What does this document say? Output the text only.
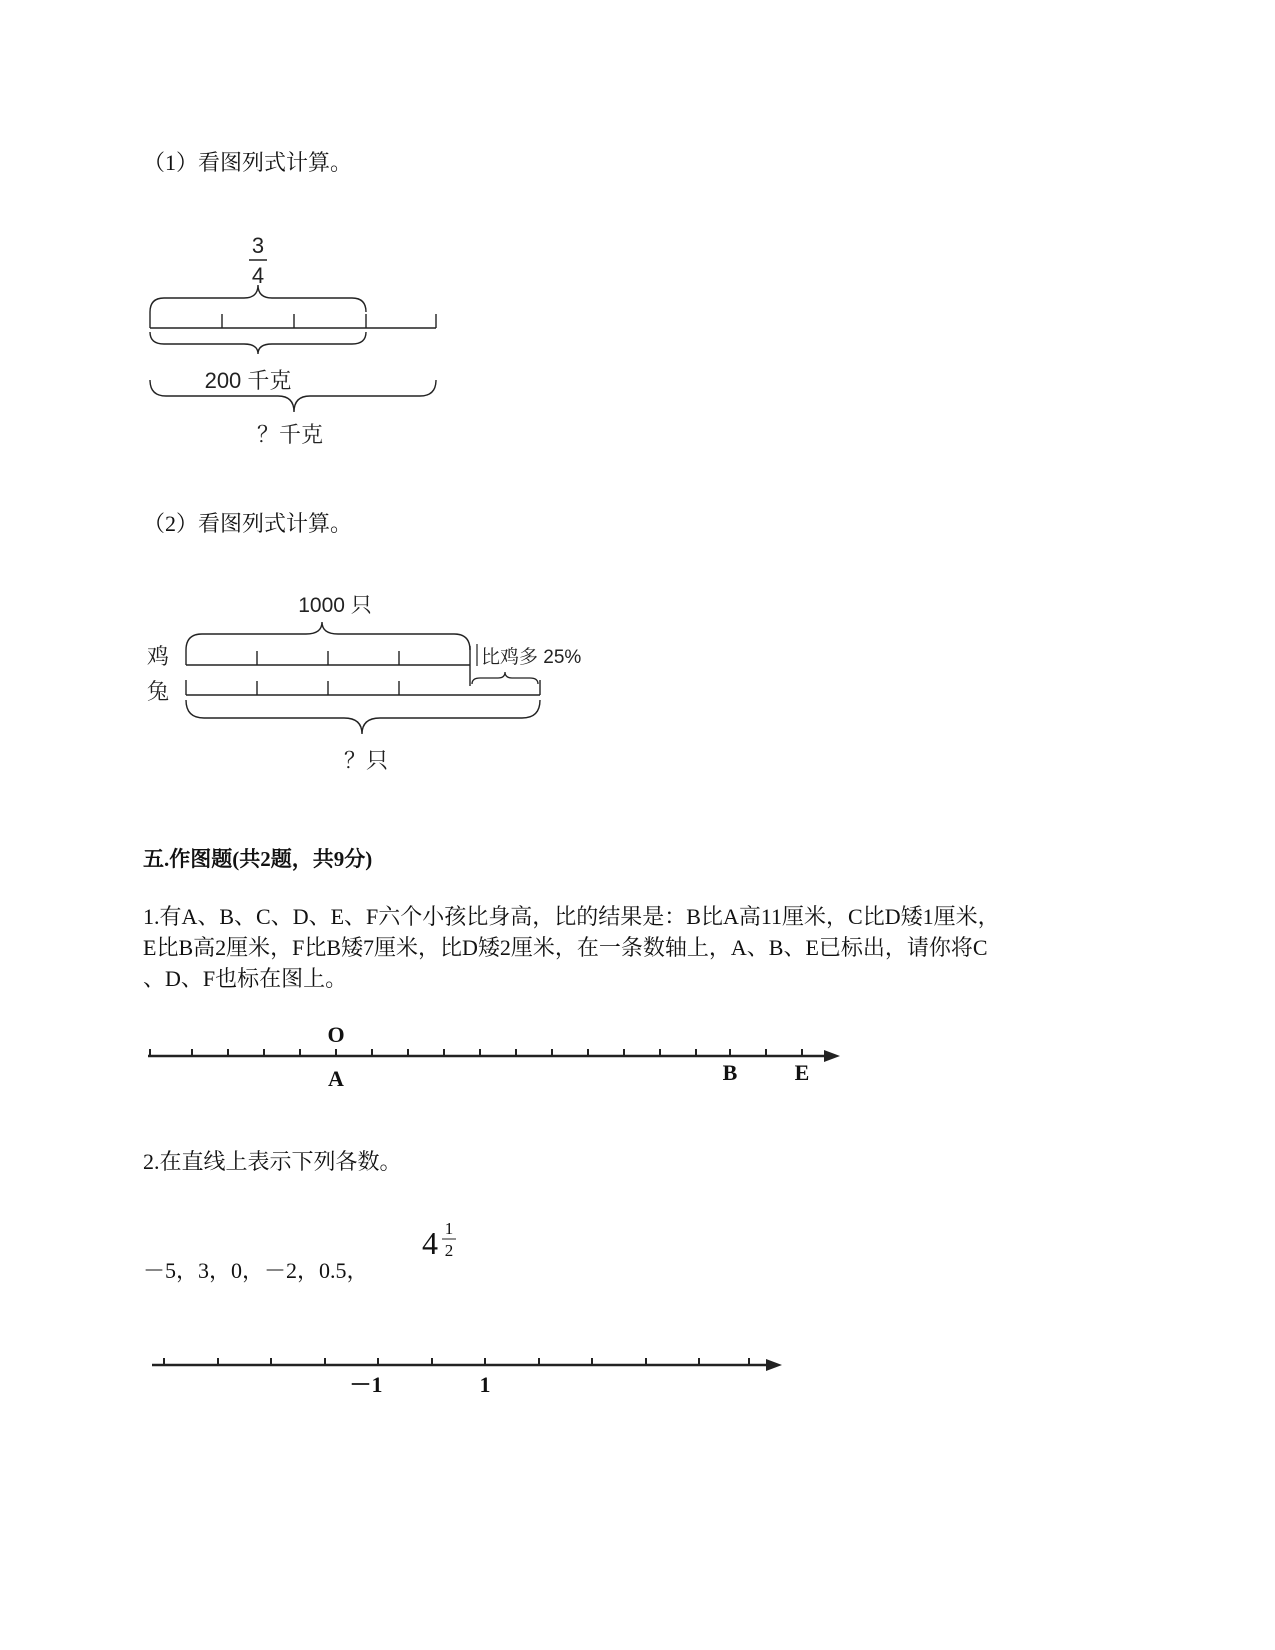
（1）看图列式计算。
3
4
200 千克
？千克
（2）看图列式计算。
1000 只
鸡
兔
比鸡多 25%
？只
五.作图题(共2题，共9分)
1.有A、B、C、D、E、F六个小孩比身高，比的结果是：B比A高11厘米，C比D矮1厘米，
E比B高2厘米，F比B矮7厘米，比D矮2厘米，在一条数轴上，A、B、E已标出，请你将C
、D、F也标在图上。
O
A	B	E
2.在直线上表示下列各数。
－5，3，0，－2，0.5，
4 1
2
－1	1
